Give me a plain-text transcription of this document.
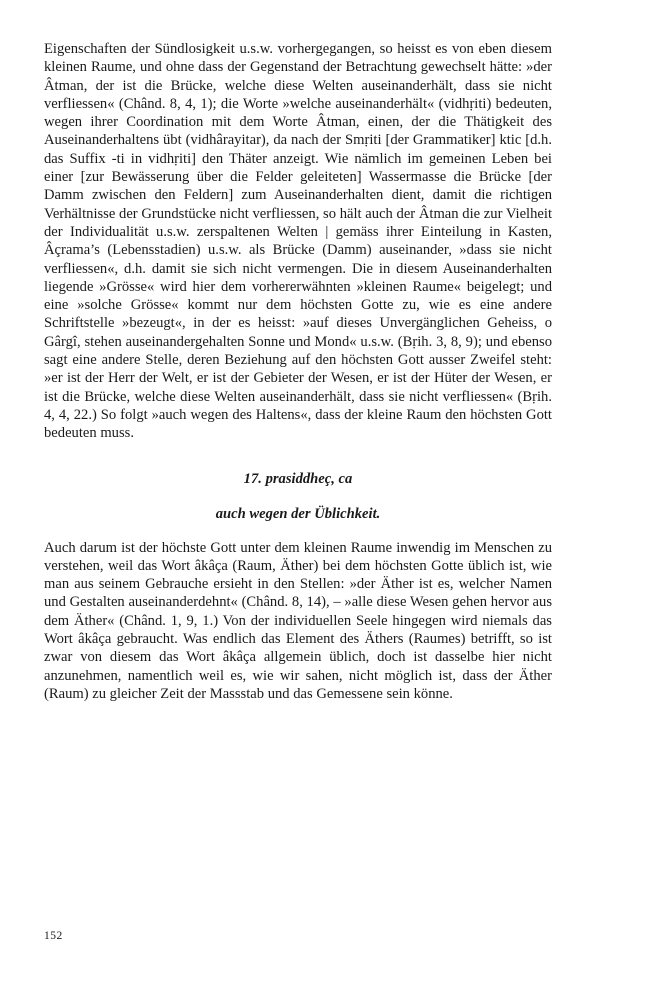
Eigenschaften der Sündlosigkeit u.s.w. vorhergegangen, so heisst es von eben diesem kleinen Raume, und ohne dass der Gegenstand der Betrachtung gewechselt hätte: »der Âtman, der ist die Brücke, welche diese Welten auseinanderhält, dass sie nicht verfliessen« (Chând. 8, 4, 1); die Worte »welche auseinanderhält« (vidhṛiti) bedeuten, wegen ihrer Coordination mit dem Worte Âtman, einen, der die Thätigkeit des Auseinanderhaltens übt (vidhârayitar), da nach der Smṛiti [der Grammatiker] ktic [d.h. das Suffix -ti in vidhṛiti] den Thäter anzeigt. Wie nämlich im gemeinen Leben bei einer [zur Bewässerung über die Felder geleiteten] Wassermasse die Brücke [der Damm zwischen den Feldern] zum Auseinanderhalten dient, damit die richtigen Verhältnisse der Grundstücke nicht verfliessen, so hält auch der Âtman die zur Vielheit der Individualität u.s.w. zerspaltenen Welten | gemäss ihrer Einteilung in Kasten, Âçrama’s (Lebensstadien) u.s.w. als Brücke (Damm) auseinander, »dass sie nicht verfliessen«, d.h. damit sie sich nicht vermengen. Die in diesem Auseinanderhalten liegende »Grösse« wird hier dem vorhererwähnten »kleinen Raume« beigelegt; und eine »solche Grösse« kommt nur dem höchsten Gotte zu, wie es eine andere Schriftstelle »bezeugt«, in der es heisst: »auf dieses Unvergänglichen Geheiss, o Gârgî, stehen auseinandergehalten Sonne und Mond« u.s.w. (Bṛih. 3, 8, 9); und ebenso sagt eine andere Stelle, deren Beziehung auf den höchsten Gott ausser Zweifel steht: »er ist der Herr der Welt, er ist der Gebieter der Wesen, er ist der Hüter der Wesen, er ist die Brücke, welche diese Welten auseinanderhält, dass sie nicht verfliessen« (Bṛih. 4, 4, 22.) So folgt »auch wegen des Haltens«, dass der kleine Raum den höchsten Gott bedeuten muss.

17. prasiddheç, ca

auch wegen der Üblichkeit.

Auch darum ist der höchste Gott unter dem kleinen Raume inwendig im Menschen zu verstehen, weil das Wort âkâça (Raum, Äther) bei dem höchsten Gotte üblich ist, wie man aus seinem Gebrauche ersieht in den Stellen: »der Äther ist es, welcher Namen und Gestalten auseinanderdehnt« (Chând. 8, 14), – »alle diese Wesen gehen hervor aus dem Äther« (Chând. 1, 9, 1.) Von der individuellen Seele hingegen wird niemals das Wort âkâça gebraucht. Was endlich das Element des Äthers (Raumes) betrifft, so ist zwar von diesem das Wort âkâça allgemein üblich, doch ist dasselbe hier nicht anzunehmen, namentlich weil es, wie wir sahen, nicht möglich ist, dass der Äther (Raum) zu gleicher Zeit der Massstab und das Gemessene sein könne.

152
